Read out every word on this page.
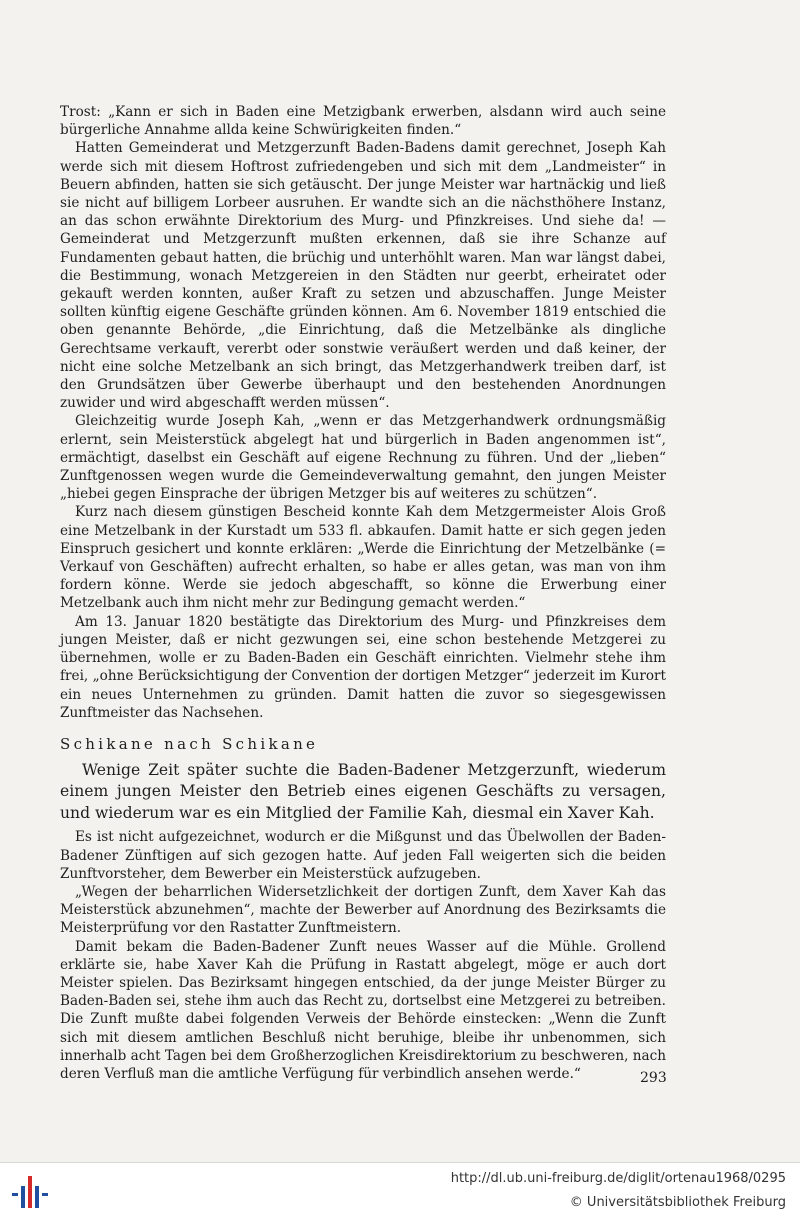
Trost: „Kann er sich in Baden eine Metzigbank erwerben, alsdann wird auch seine bürgerliche Annahme allda keine Schwürigkeiten finden.“

Hatten Gemeinderat und Metzgerzunft Baden-Badens damit gerechnet, Joseph Kah werde sich mit diesem Hoftrost zufriedengeben und sich mit dem „Landmeister“ in Beuern abfinden, hatten sie sich getäuscht. Der junge Meister war hartnäckig und ließ sie nicht auf billigem Lorbeer ausruhen. Er wandte sich an die nächsthöhere Instanz, an das schon erwähnte Direktorium des Murg- und Pfinzkreises. Und siehe da! — Gemeinderat und Metzgerzunft mußten erkennen, daß sie ihre Schanze auf Fundamenten gebaut hatten, die brüchig und unterhöhlt waren. Man war längst dabei, die Bestimmung, wonach Metzgereien in den Städten nur geerbt, erheiratet oder gekauft werden konnten, außer Kraft zu setzen und abzuschaffen. Junge Meister sollten künftig eigene Geschäfte gründen können. Am 6. November 1819 entschied die oben genannte Behörde, „die Einrichtung, daß die Metzelbänke als dingliche Gerechtsame verkauft, vererbt oder sonstwie veräußert werden und daß keiner, der nicht eine solche Metzelbank an sich bringt, das Metzgerhandwerk treiben darf, ist den Grundsätzen über Gewerbe überhaupt und den bestehenden Anordnungen zuwider und wird abgeschafft werden müssen“.

Gleichzeitig wurde Joseph Kah, „wenn er das Metzgerhandwerk ordnungsmäßig erlernt, sein Meisterstück abgelegt hat und bürgerlich in Baden angenommen ist“, ermächtigt, daselbst ein Geschäft auf eigene Rechnung zu führen. Und der „lieben“ Zunftgenossen wegen wurde die Gemeindeverwaltung gemahnt, den jungen Meister „hiebei gegen Einsprache der übrigen Metzger bis auf weiteres zu schützen“.

Kurz nach diesem günstigen Bescheid konnte Kah dem Metzgermeister Alois Groß eine Metzelbank in der Kurstadt um 533 fl. abkaufen. Damit hatte er sich gegen jeden Einspruch gesichert und konnte erklären: „Werde die Einrichtung der Metzelbänke (= Verkauf von Geschäften) aufrecht erhalten, so habe er alles getan, was man von ihm fordern könne. Werde sie jedoch abgeschafft, so könne die Erwerbung einer Metzelbank auch ihm nicht mehr zur Bedingung gemacht werden.“

Am 13. Januar 1820 bestätigte das Direktorium des Murg- und Pfinzkreises dem jungen Meister, daß er nicht gezwungen sei, eine schon bestehende Metzgerei zu übernehmen, wolle er zu Baden-Baden ein Geschäft einrichten. Vielmehr stehe ihm frei, „ohne Berücksichtigung der Convention der dortigen Metzger“ jederzeit im Kurort ein neues Unternehmen zu gründen. Damit hatten die zuvor so siegesgewissen Zunftmeister das Nachsehen.

Schikane nach Schikane

Wenige Zeit später suchte die Baden-Badener Metzgerzunft, wiederum einem jungen Meister den Betrieb eines eigenen Geschäfts zu versagen, und wiederum war es ein Mitglied der Familie Kah, diesmal ein Xaver Kah.

Es ist nicht aufgezeichnet, wodurch er die Mißgunst und das Übelwollen der Baden-Badener Zünftigen auf sich gezogen hatte. Auf jeden Fall weigerten sich die beiden Zunftvorsteher, dem Bewerber ein Meisterstück aufzugeben.

„Wegen der beharrlichen Widersetzlichkeit der dortigen Zunft, dem Xaver Kah das Meisterstück abzunehmen“, machte der Bewerber auf Anordnung des Bezirksamts die Meisterprüfung vor den Rastatter Zunftmeistern.

Damit bekam die Baden-Badener Zunft neues Wasser auf die Mühle. Grollend erklärte sie, habe Xaver Kah die Prüfung in Rastatt abgelegt, möge er auch dort Meister spielen. Das Bezirksamt hingegen entschied, da der junge Meister Bürger zu Baden-Baden sei, stehe ihm auch das Recht zu, dortselbst eine Metzgerei zu betreiben. Die Zunft mußte dabei folgenden Verweis der Behörde einstecken: „Wenn die Zunft sich mit diesem amtlichen Beschluß nicht beruhige, bleibe ihr unbenommen, sich innerhalb acht Tagen bei dem Großherzoglichen Kreisdirektorium zu beschweren, nach deren Verfluß man die amtliche Verfügung für verbindlich ansehen werde.“	293
http://dl.ub.uni-freiburg.de/diglit/ortenau1968/0295
© Universitätsbibliothek Freiburg
